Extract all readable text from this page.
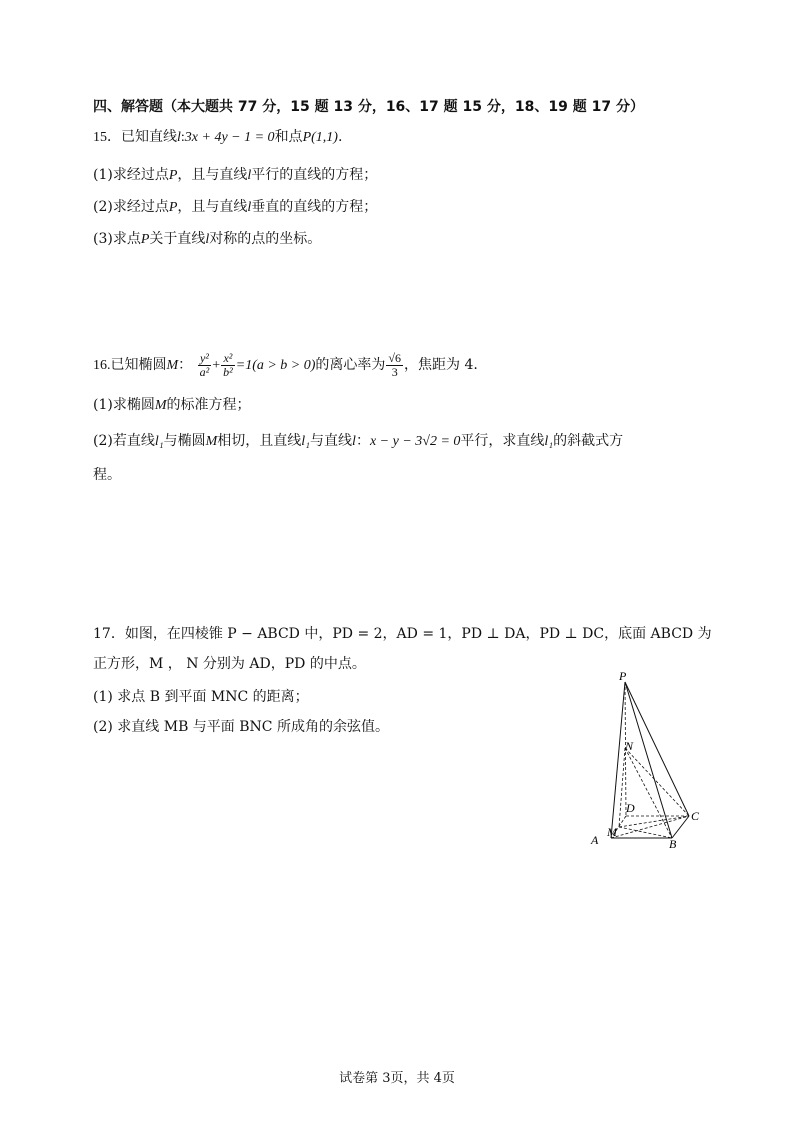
四、解答题（本大题共 77 分，15 题 13 分，16、17 题 15 分，18、19 题 17 分）
15．已知直线l:3x + 4y − 1 = 0和点P(1,1).
(1)求经过点P，且与直线l平行的直线的方程；
(2)求经过点P，且与直线l垂直的直线的方程；
(3)求点P关于直线l对称的点的坐标。
16.已知椭圆M： $\frac{\text{y²}}{\text{a²}} + \frac{\text{x²}}{\text{b²}} =1(a > b > 0)$的离心率为 $\frac{√6}{3}$ ，焦距为 4.
(1)求椭圆M的标准方程；
(2)若直线l₁与椭圆M相切，且直线l₁与直线l：x − y − 3√2 = 0平行，求直线l₁的斜截式方
程。
17．如图，在四棱锥 P − ABCD 中，PD = 2，AD = 1，PD ⊥ DA，PD ⊥ DC，底面 ABCD 为
正方形，M ， N 分别为 AD，PD 的中点。
(1) 求点 B 到平面 MNC 的距离；
(2) 求直线 MB 与平面 BNC 所成角的余弦值。
P
N
D
C
A
M
B
试卷第 3页，共 4页
